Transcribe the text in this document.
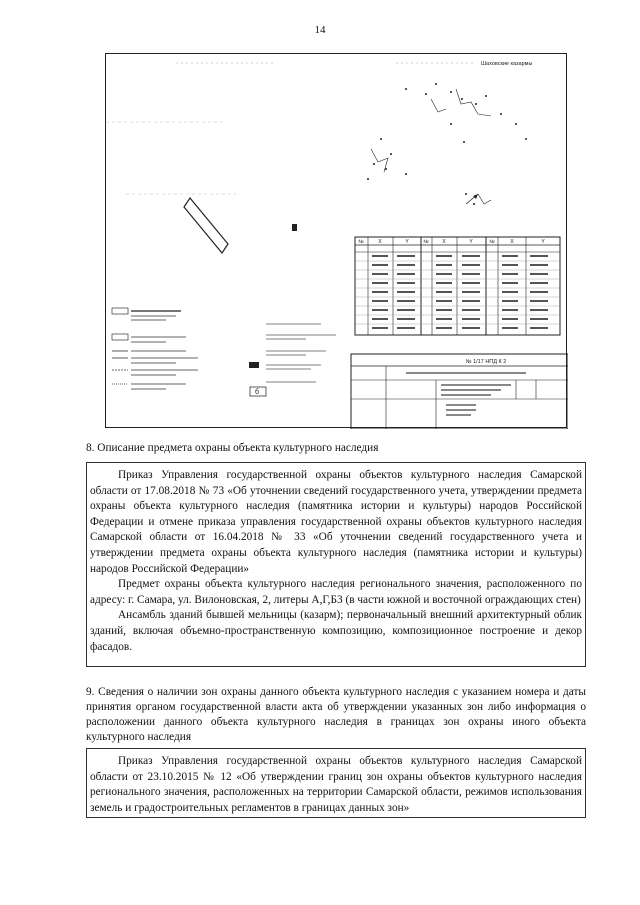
14
Шаховские казармы
б
№	X	Y	№	X	Y	№	X	Y
№ 1/17 НПД К 2
8. Описание предмета охраны объекта культурного наследия

Приказ Управления государственной охраны объектов культурного наследия Самарской области от 17.08.2018 № 73 «Об уточнении сведений государственного учета, утверждении предмета охраны объекта культурного наследия (памятника истории и культуры) народов Российской Федерации и отмене приказа управления государственной охраны объектов культурного наследия Самарской области от 16.04.2018 № 33 «Об уточнении сведений государственного учета и утверждении предмета охраны объекта культурного наследия (памятника истории и культуры) народов Российской Федерации»

Предмет охраны объекта культурного наследия регионального значения, расположенного по адресу: г. Самара, ул. Вилоновская, 2, литеры А,Г,Б3 (в части южной и восточной ограждающих стен)

Ансамбль зданий бывшей мельницы (казарм); первоначальный внешний архитектурный облик зданий, включая объемно-пространственную композицию, композиционное построение и декор фасадов.

9. Сведения о наличии зон охраны данного объекта культурного наследия с указанием номера и даты принятия органом государственной власти акта об утверждении указанных зон либо информация о расположении данного объекта культурного наследия в границах зон охраны иного объекта культурного наследия

Приказ Управления государственной охраны объектов культурного наследия Самарской области от 23.10.2015 № 12 «Об утверждении границ зон охраны объектов культурного наследия регионального значения, расположенных на территории Самарской области, режимов использования земель и градостроительных регламентов в границах данных зон»
